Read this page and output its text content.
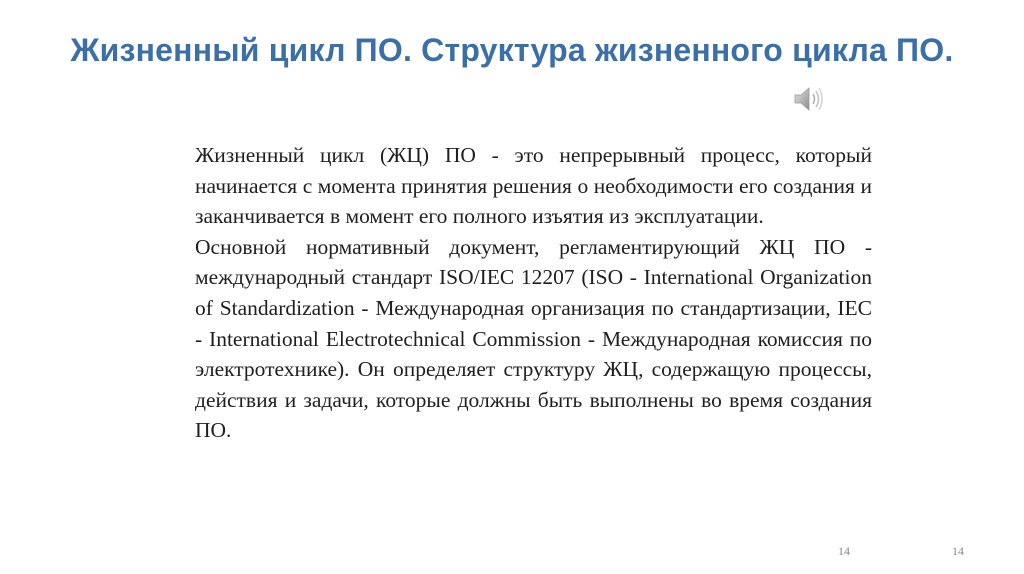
Жизненный цикл ПО. Структура жизненного цикла ПО.

Жизненный цикл (ЖЦ) ПО - это непрерывный процесс, который начинается с момента принятия решения о необходимости его создания и заканчивается в момент его полного изъятия из эксплуатации.

Основной нормативный документ, регламентирующий ЖЦ ПО - международный стандарт ISO/IEC 12207 (ISO - International Organization of Standardization - Международная организация по стандартизации, IEC - International Electrotechnical Commission - Международная комиссия по электротехнике). Он определяет структуру ЖЦ, содержащую процессы, действия и задачи, которые должны быть выполнены во время создания ПО.

14	14
